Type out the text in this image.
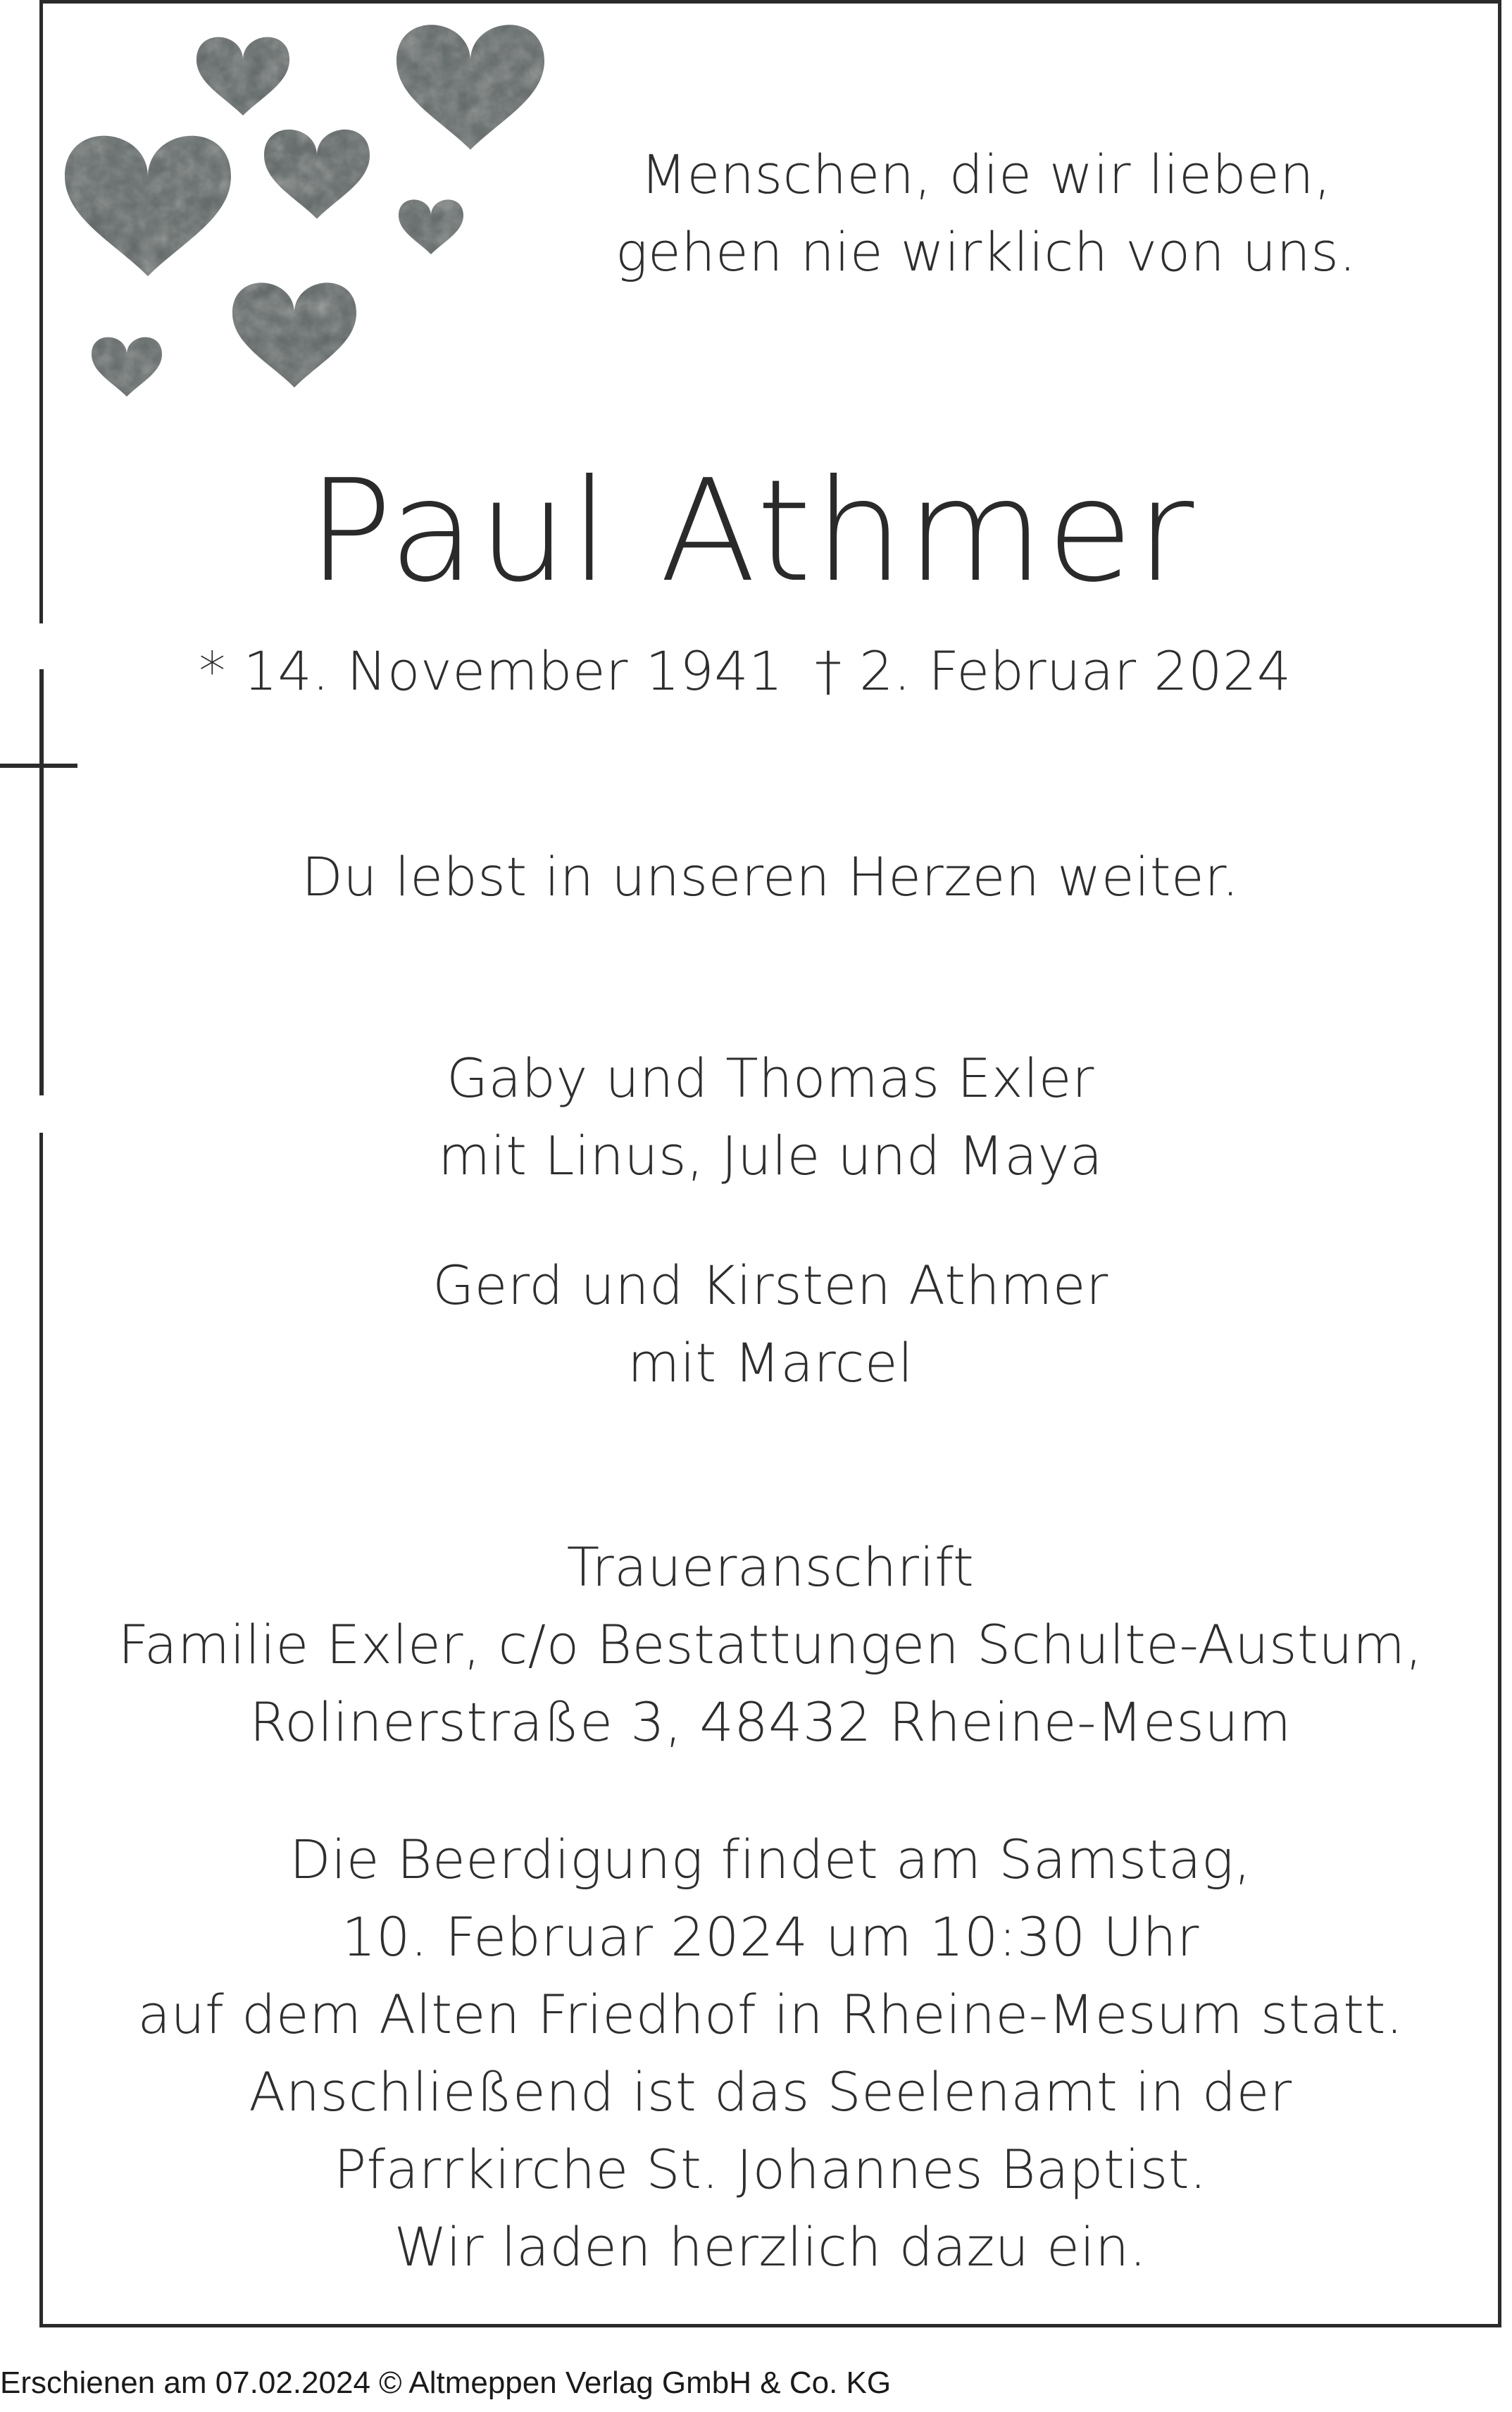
Menschen, die wir lieben,
gehen nie wirklich von uns.
Paul Athmer
* 14. November 1941 † 2. Februar 2024
Du lebst in unseren Herzen weiter.
Gaby und Thomas Exler
mit Linus, Jule und Maya
Gerd und Kirsten Athmer
mit Marcel
Traueranschrift
Familie Exler, c/o Bestattungen Schulte-Austum,
Rolinerstraße 3, 48432 Rheine-Mesum
Die Beerdigung findet am Samstag,
10. Februar 2024 um 10:30 Uhr
auf dem Alten Friedhof in Rheine-Mesum statt.
Anschließend ist das Seelenamt in der
Pfarrkirche St. Johannes Baptist.
Wir laden herzlich dazu ein.
Erschienen am 07.02.2024 © Altmeppen Verlag GmbH & Co. KG
